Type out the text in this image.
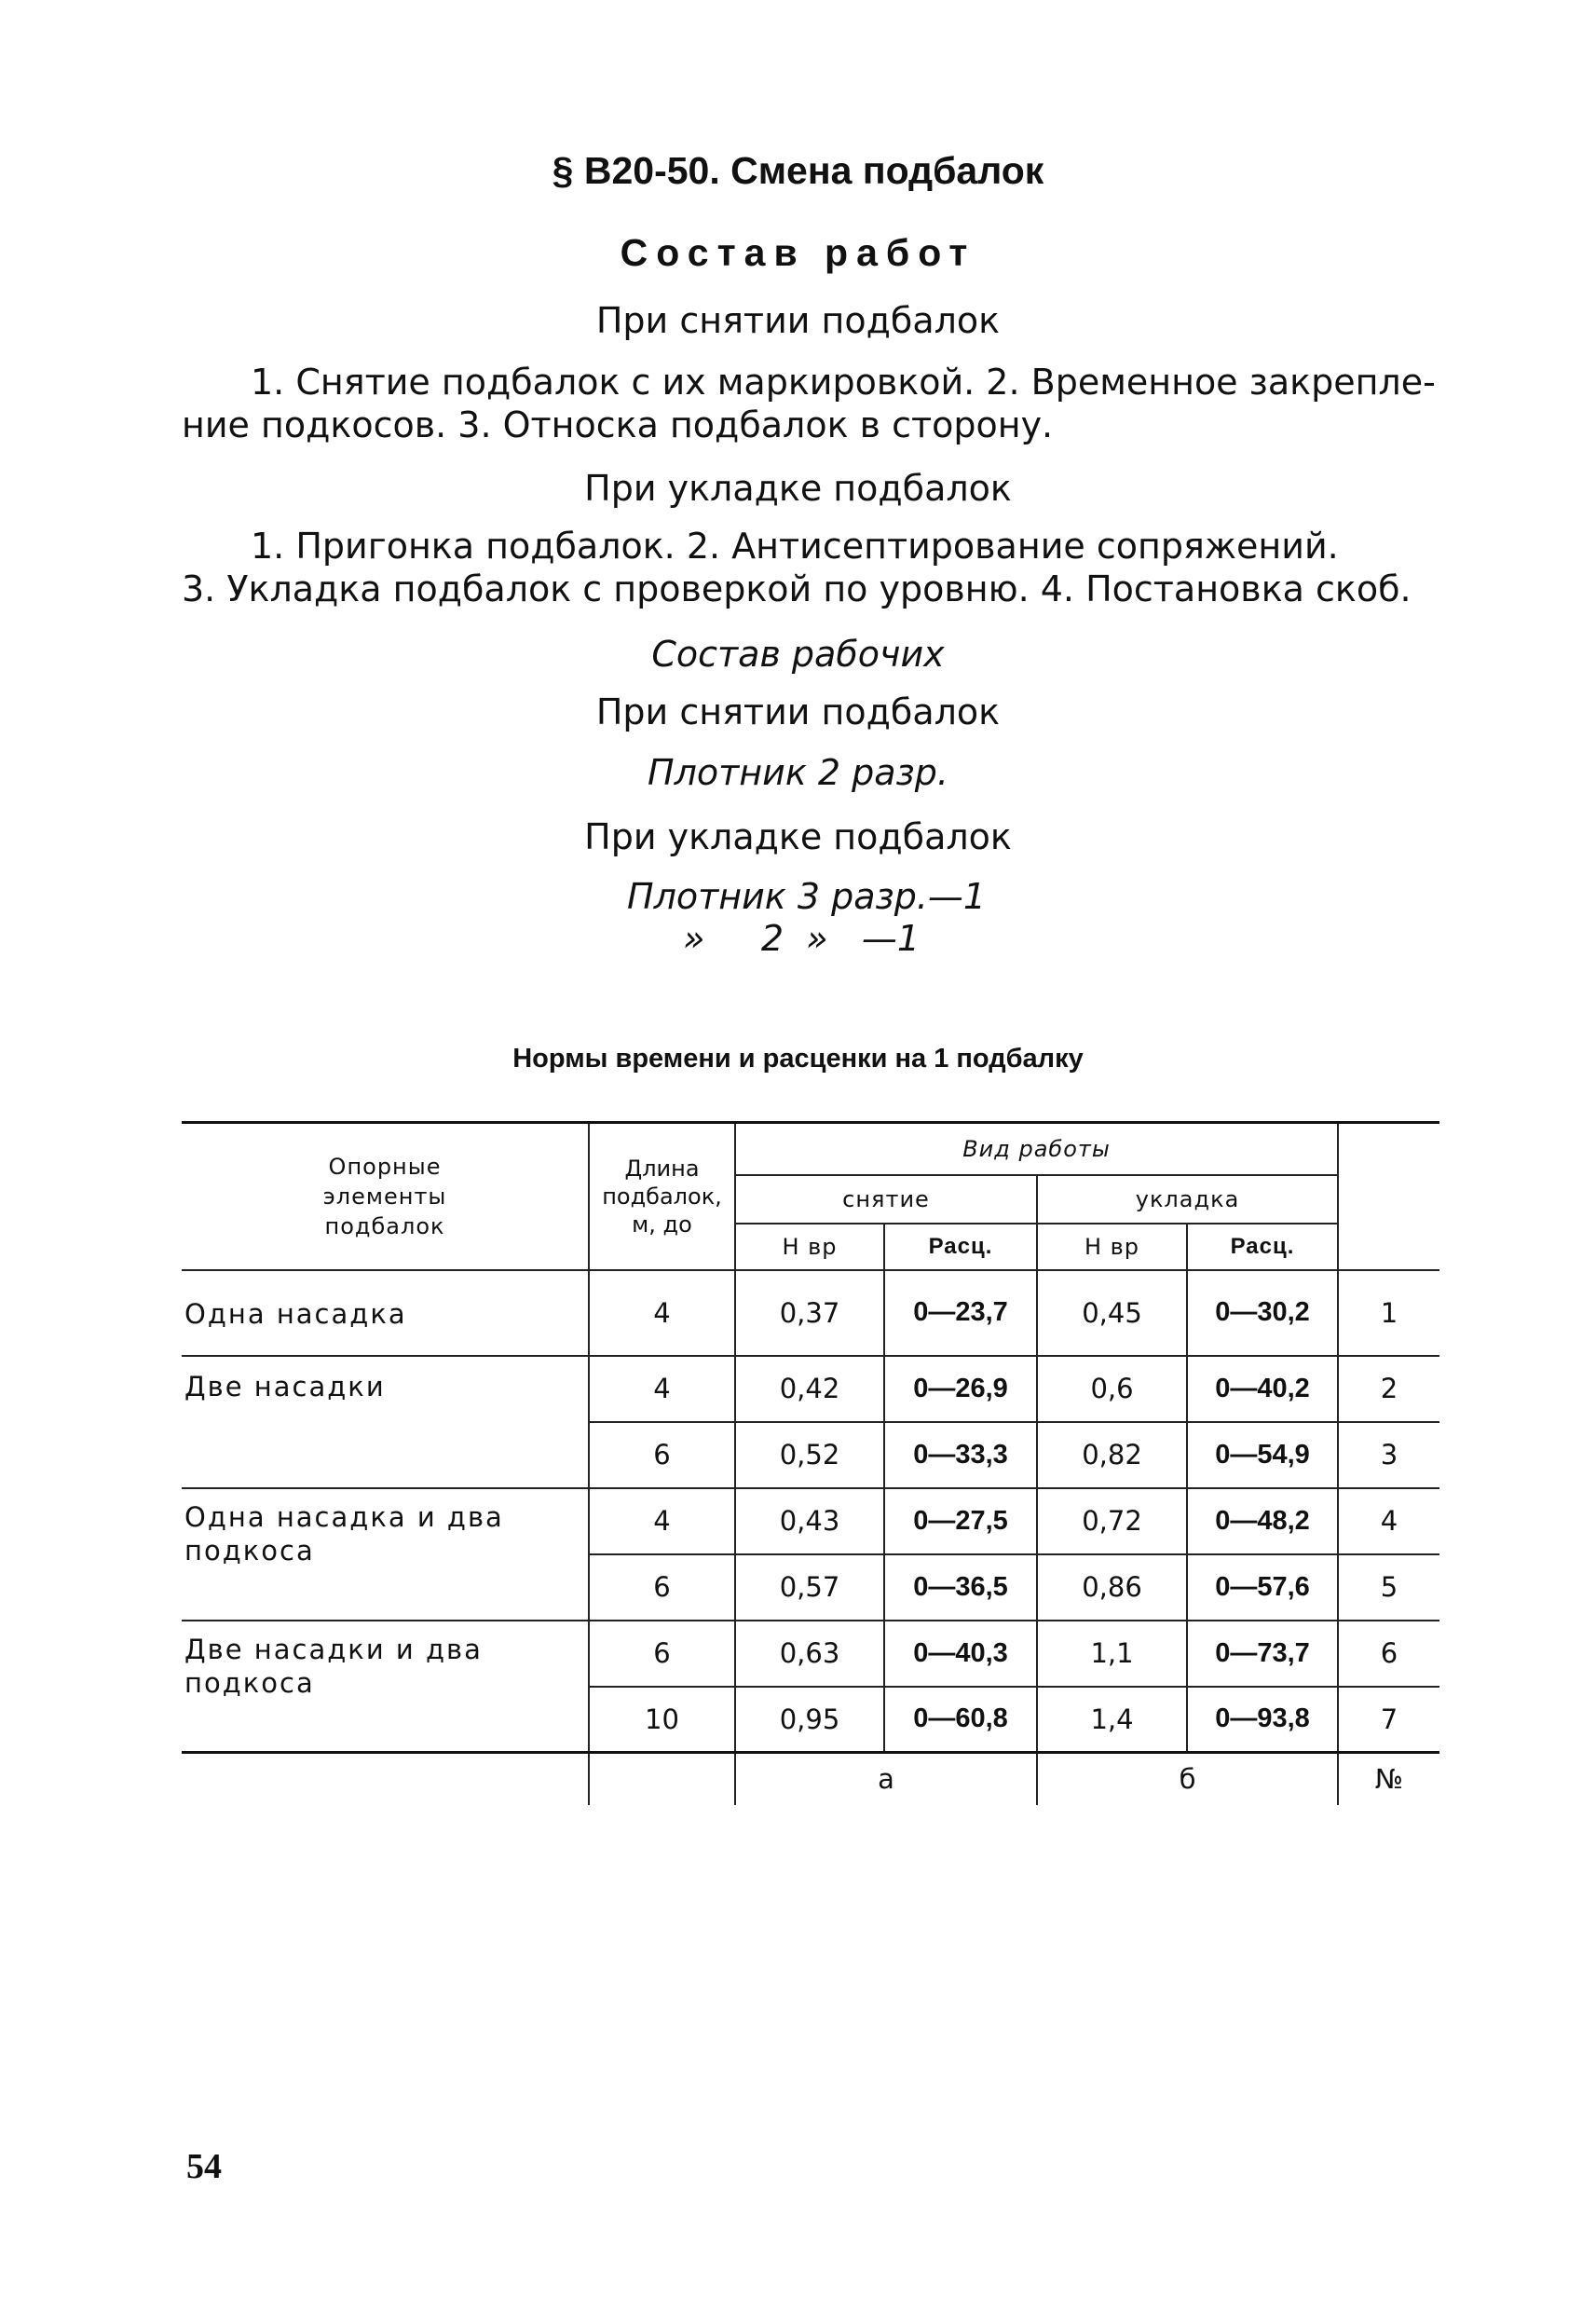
§ В20-50. Смена подбалок
Состав работ
При снятии подбалок
1. Снятие подбалок с их маркировкой. 2. Временное закрепле-
ние подкосов. 3. Относка подбалок в сторону.
При укладке подбалок
1. Пригонка подбалок. 2. Антисептирование сопряжений.
3. Укладка подбалок с проверкой по уровню. 4. Постановка скоб.
Состав рабочих
При снятии подбалок
Плотник 2 разр.
При укладке подбалок
Плотник 3 разр.—1
»     2  »   —1
Нормы времени и расценки на 1 подбалку
Опорные элементы подбалок	Длина подбалок, м, до	Вид работы				
		снятие		укладка		
		Н вр	Расц.	Н вр	Расц.	
Одна насадка	4	0,37	0—23,7	0,45	0—30,2	1
Две насадки	4	0,42	0—26,9	0,6	0—40,2	2
	6	0,52	0—33,3	0,82	0—54,9	3
Одна насадка и два подкоса	4	0,43	0—27,5	0,72	0—48,2	4
	6	0,57	0—36,5	0,86	0—57,6	5
Две насадки и два подкоса	6	0,63	0—40,3	1,1	0—73,7	6
	10	0,95	0—60,8	1,4	0—93,8	7
		а		б		№
54
